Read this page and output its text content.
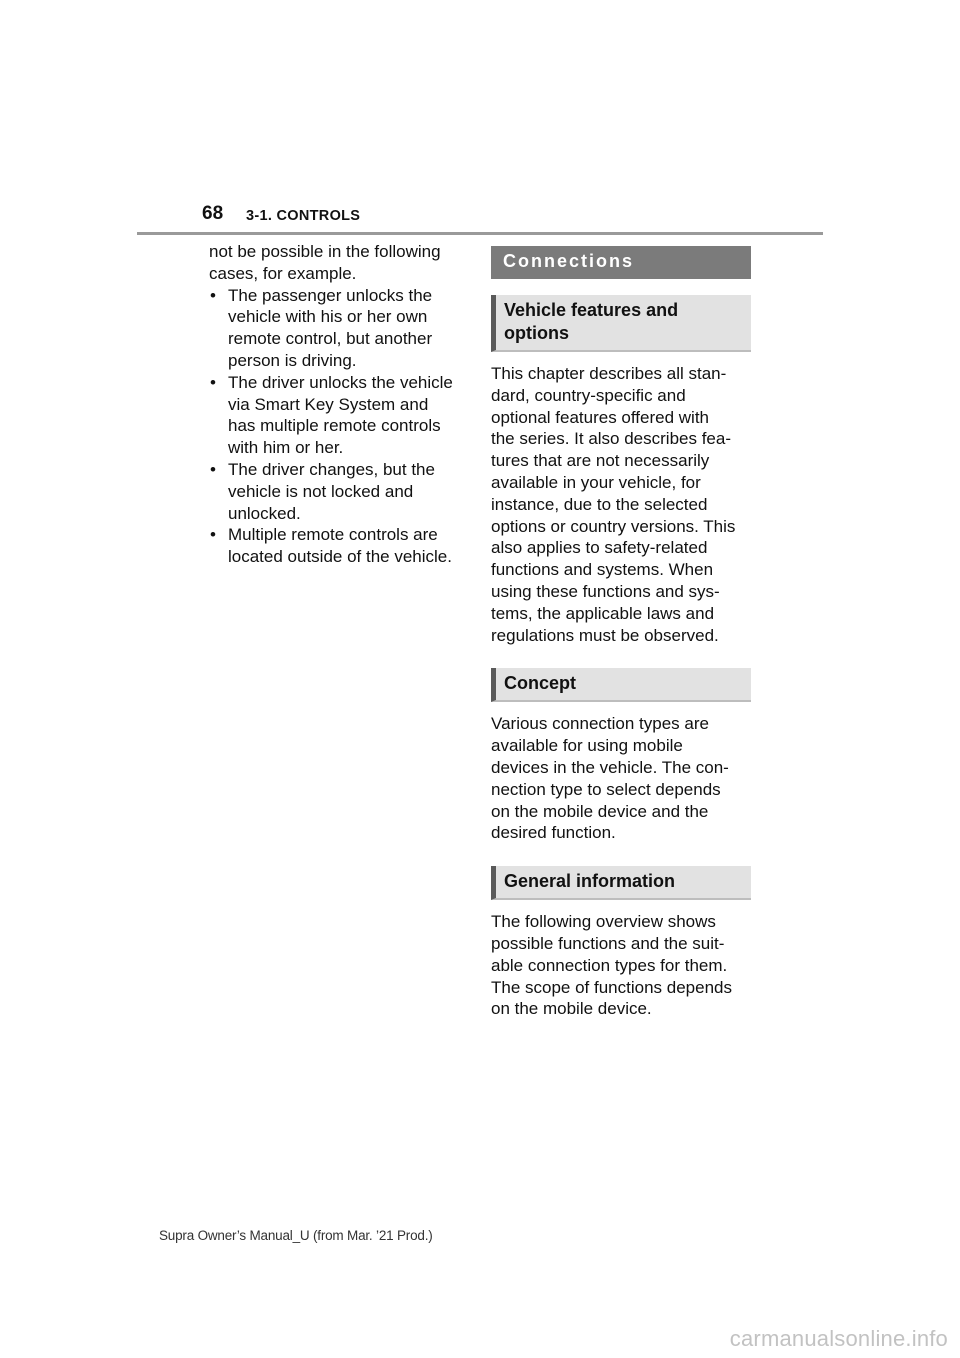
68 3-1. CONTROLS

not be possible in the following
cases, for example.

• The passenger unlocks the
vehicle with his or her own
remote control, but another
person is driving.
• The driver unlocks the vehicle
via Smart Key System and
has multiple remote controls
with him or her.
• The driver changes, but the
vehicle is not locked and
unlocked.
• Multiple remote controls are
located outside of the vehicle.
Connections
Vehicle features and
options

This chapter describes all stan-
dard, country-specific and
optional features offered with
the series. It also describes fea-
tures that are not necessarily
available in your vehicle, for
instance, due to the selected
options or country versions. This
also applies to safety-related
functions and systems. When
using these functions and sys-
tems, the applicable laws and
regulations must be observed.

Concept

Various connection types are
available for using mobile
devices in the vehicle. The con-
nection type to select depends
on the mobile device and the
desired function.

General information

The following overview shows
possible functions and the suit-
able connection types for them.
The scope of functions depends
on the mobile device.

Supra Owner’s Manual_U (from Mar. ’21 Prod.)
carmanualsonline.info
